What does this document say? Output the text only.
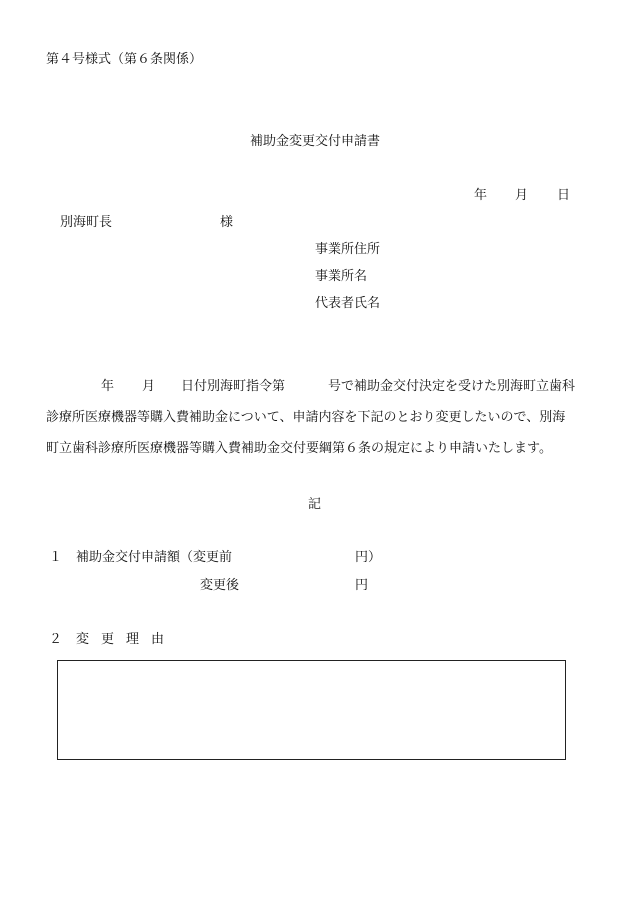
第４号様式（第６条関係）
補助金変更交付申請書
年 月 日
別海町長	様
事業所住所
事業所名
代表者氏名
年 月 日付別海町指令第	号で補助金交付決定を受けた別海町立歯科
診療所医療機器等購入費補助金について、申請内容を下記のとおり変更したいので、別海
町立歯科診療所医療機器等購入費補助金交付要綱第６条の規定により申請いたします。
記
１ 補助金交付申請額（変更前	円）
変更後	円
２ 変更理由
